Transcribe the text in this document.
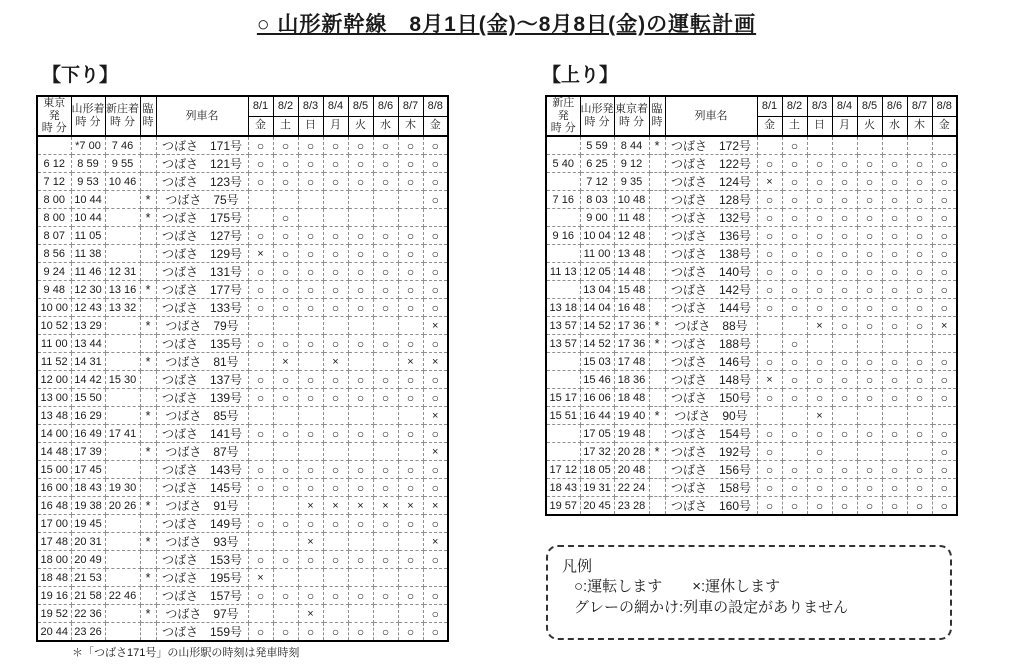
○ 山形新幹線　8月1日(金)～8月8日(金)の運転計画
【下り】	【上り】
東京発
時 分

山形着
時 分

新庄着
時 分
	臨時	列車名	8/1	8/2	8/3	8/4	8/5	8/6	8/7	8/8
					金	土	日	月	火	水	木	金
	*7 00	7 46		つばさ　171号	○	○	○	○	○	○	○	○
6 12	8 59	9 55		つばさ　121号	○	○	○	○	○	○	○	○
7 12	9 53	10 46		つばさ　123号	○	○	○	○	○	○	○	○
8 00	10 44		*	つばさ　75号								○
8 00	10 44		*	つばさ　175号		○						
8 07	11 05			つばさ　127号	○	○	○	○	○	○	○	○
8 56	11 38			つばさ　129号	×	○	○	○	○	○	○	○
9 24	11 46	12 31		つばさ　131号	○	○	○	○	○	○	○	○
9 48	12 30	13 16	*	つばさ　177号	○	○	○	○	○	○	○	○
10 00	12 43	13 32		つばさ　133号	○	○	○	○	○	○	○	○
10 52	13 29		*	つばさ　79号								×
11 00	13 44			つばさ　135号	○	○	○	○	○	○	○	○
11 52	14 31		*	つばさ　81号		×		×			×	×
12 00	14 42	15 30		つばさ　137号	○	○	○	○	○	○	○	○
13 00	15 50			つばさ　139号	○	○	○	○	○	○	○	○
13 48	16 29		*	つばさ　85号								×
14 00	16 49	17 41		つばさ　141号	○	○	○	○	○	○	○	○
14 48	17 39		*	つばさ　87号								×
15 00	17 45			つばさ　143号	○	○	○	○	○	○	○	○
16 00	18 43	19 30		つばさ　145号	○	○	○	○	○	○	○	○
16 48	19 38	20 26	*	つばさ　91号			×	×	×	×	×	×
17 00	19 45			つばさ　149号	○	○	○	○	○	○	○	○
17 48	20 31		*	つばさ　93号			×					×
18 00	20 49			つばさ　153号	○	○	○	○	○	○	○	○
18 48	21 53		*	つばさ　195号	×							
19 16	21 58	22 46		つばさ　157号	○	○	○	○	○	○	○	○
19 52	22 36		*	つばさ　97号			×					○
20 44	23 26			つばさ　159号	○	○	○	○	○	○	○	○
新庄発
時 分

山形発
時 分

東京着
時 分
	臨時	列車名	8/1	8/2	8/3	8/4	8/5	8/6	8/7	8/8
					金	土	日	月	火	水	木	金
	5 59	8 44	*	つばさ　172号		○						
5 40	6 25	9 12		つばさ　122号	○	○	○	○	○	○	○	○
	7 12	9 35		つばさ　124号	×	○	○	○	○	○	○	○
7 16	8 03	10 48		つばさ　128号	○	○	○	○	○	○	○	○
	9 00	11 48		つばさ　132号	○	○	○	○	○	○	○	○
9 16	10 04	12 48		つばさ　136号	○	○	○	○	○	○	○	○
	11 00	13 48		つばさ　138号	○	○	○	○	○	○	○	○
11 13	12 05	14 48		つばさ　140号	○	○	○	○	○	○	○	○
	13 04	15 48		つばさ　142号	○	○	○	○	○	○	○	○
13 18	14 04	16 48		つばさ　144号	○	○	○	○	○	○	○	○
13 57	14 52	17 36	*	つばさ　88号			×	○	○	○	○	×
13 57	14 52	17 36	*	つばさ　188号		○						
	15 03	17 48		つばさ　146号	○	○	○	○	○	○	○	○
	15 46	18 36		つばさ　148号	×	○	○	○	○	○	○	○
15 17	16 06	18 48		つばさ　150号	○	○	○	○	○	○	○	○
15 51	16 44	19 40	*	つばさ　90号			×					
	17 05	19 48		つばさ　154号	○	○	○	○	○	○	○	○
	17 32	20 28	*	つばさ　192号	○		○					○
17 12	18 05	20 48		つばさ　156号	○	○	○	○	○	○	○	○
18 43	19 31	22 24		つばさ　158号	○	○	○	○	○	○	○	○
19 57	20 45	23 28		つばさ　160号	○	○	○	○	○	○	○	○
＊「つばさ171号」の山形駅の時刻は発車時刻
凡例
○:運転します　　×:運休します
グレーの網かけ:列車の設定がありません
